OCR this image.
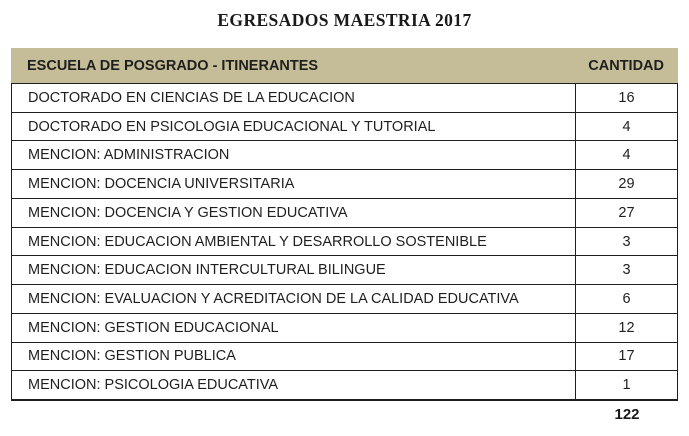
EGRESADOS MAESTRIA 2017
ESCUELA DE POSGRADO - ITINERANTES	CANTIDAD
DOCTORADO EN CIENCIAS DE LA EDUCACION	16
DOCTORADO EN PSICOLOGIA EDUCACIONAL Y TUTORIAL	4
MENCION: ADMINISTRACION	4
MENCION: DOCENCIA UNIVERSITARIA	29
MENCION: DOCENCIA Y GESTION EDUCATIVA	27
MENCION: EDUCACION AMBIENTAL Y DESARROLLO SOSTENIBLE	3
MENCION: EDUCACION INTERCULTURAL BILINGUE	3
MENCION: EVALUACION Y ACREDITACION DE LA CALIDAD EDUCATIVA	6
MENCION: GESTION EDUCACIONAL	12
MENCION: GESTION PUBLICA	17
MENCION: PSICOLOGIA EDUCATIVA	1
122
